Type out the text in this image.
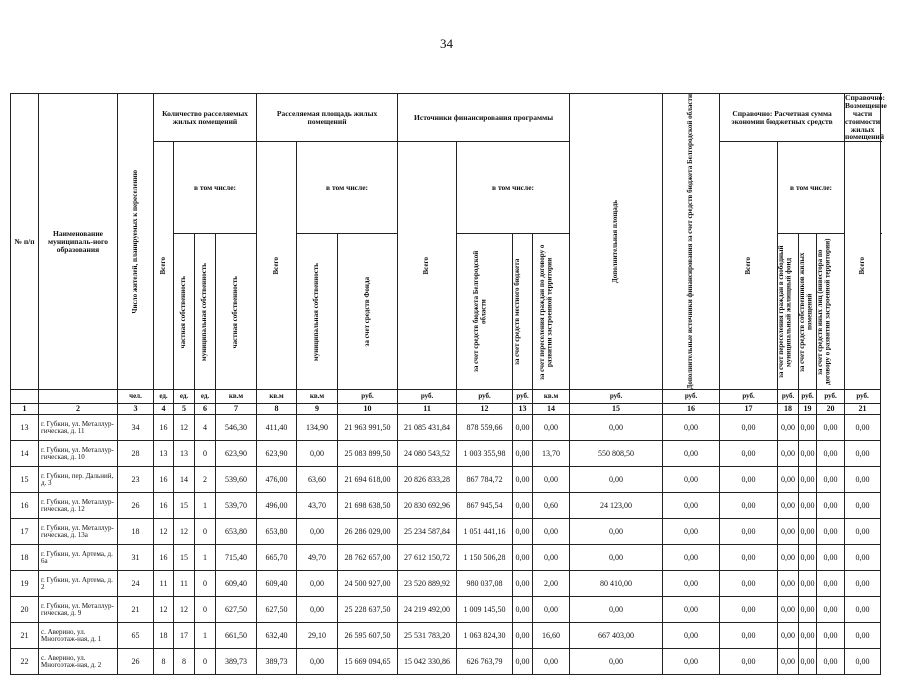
34
№ п/п	Наименование муниципаль-ного образования	Число жителей, планируемых к переселению	Количество расселяемых жилых помещений				Расселяемая площадь жилых помещений			Источники финансирования программы				Дополнительная площадь	Дополнительные источники финансирования за счет средств бюджета Белгородской области	Справочно: Расчетная сумма экономии бюджетных средств				Справочно: Возмещение части стоимости жилых помещений	

			Всего	в том числе:			Всего	в том числе:		Всего	в том числе:					Всего	в том числе:			Всего

				частная собственность	муниципальная собственность	частная собственность		муниципальная собственность	за счет средств Фонда		за счет средств бюджета Белгородской области	за счет средств местного бюджета	за счет переселения граждан по договору о развитии застроенной территории				за счет переселения граждан в свободный муниципальный жилищный фонд	за счет средств собственников жилых помещений	за счет средств иных лиц (инвестора по договору о развитии застроенной территории)		

		чел.	ед.	ед.	ед.	кв.м	кв.м	кв.м	руб.	руб.	руб.	руб.	кв.м	руб.	руб.	руб.	руб.	руб.	руб.	руб.	
1	2	3	4	5	6	7	8	9	10	11	12	13	14	15	16	17	18	19	20	21	
13	г. Губкин, ул. Металлур-гическая, д. 11	34	16	12	4	546,30	411,40	134,90	21 963 991,50	21 085 431,84	878 559,66	0,00	0,00	0,00	0,00	0,00	0,00	0,00	0,00	0,00	
14	г. Губкин, ул. Металлур-гическая, д. 10	28	13	13	0	623,90	623,90	0,00	25 083 899,50	24 080 543,52	1 003 355,98	0,00	13,70	550 808,50	0,00	0,00	0,00	0,00	0,00	0,00	
15	г. Губкин, пер. Дальний, д. 3	23	16	14	2	539,60	476,00	63,60	21 694 618,00	20 826 833,28	867 784,72	0,00	0,00	0,00	0,00	0,00	0,00	0,00	0,00	0,00	
16	г. Губкин, ул. Металлур-гическая, д. 12	26	16	15	1	539,70	496,00	43,70	21 698 638,50	20 830 692,96	867 945,54	0,00	0,60	24 123,00	0,00	0,00	0,00	0,00	0,00	0,00	
17	г. Губкин, ул. Металлур-гическая, д. 13а	18	12	12	0	653,80	653,80	0,00	26 286 029,00	25 234 587,84	1 051 441,16	0,00	0,00	0,00	0,00	0,00	0,00	0,00	0,00	0,00	
18	г. Губкин, ул. Артема, д. 6а	31	16	15	1	715,40	665,70	49,70	28 762 657,00	27 612 150,72	1 150 506,28	0,00	0,00	0,00	0,00	0,00	0,00	0,00	0,00	0,00	
19	г. Губкин, ул. Артема, д. 2	24	11	11	0	609,40	609,40	0,00	24 500 927,00	23 520 889,92	980 037,08	0,00	2,00	80 410,00	0,00	0,00	0,00	0,00	0,00	0,00	
20	г. Губкин, ул. Металлур-гическая, д. 9	21	12	12	0	627,50	627,50	0,00	25 228 637,50	24 219 492,00	1 009 145,50	0,00	0,00	0,00	0,00	0,00	0,00	0,00	0,00	0,00	
21	с. Аверино, ул. Многоэтаж-ная, д. 1	65	18	17	1	661,50	632,40	29,10	26 595 607,50	25 531 783,20	1 063 824,30	0,00	16,60	667 403,00	0,00	0,00	0,00	0,00	0,00	0,00	
22	с. Аверино, ул. Многоэтаж-ная, д. 2	26	8	8	0	389,73	389,73	0,00	15 669 094,65	15 042 330,86	626 763,79	0,00	0,00	0,00	0,00	0,00	0,00	0,00	0,00	0,00	
